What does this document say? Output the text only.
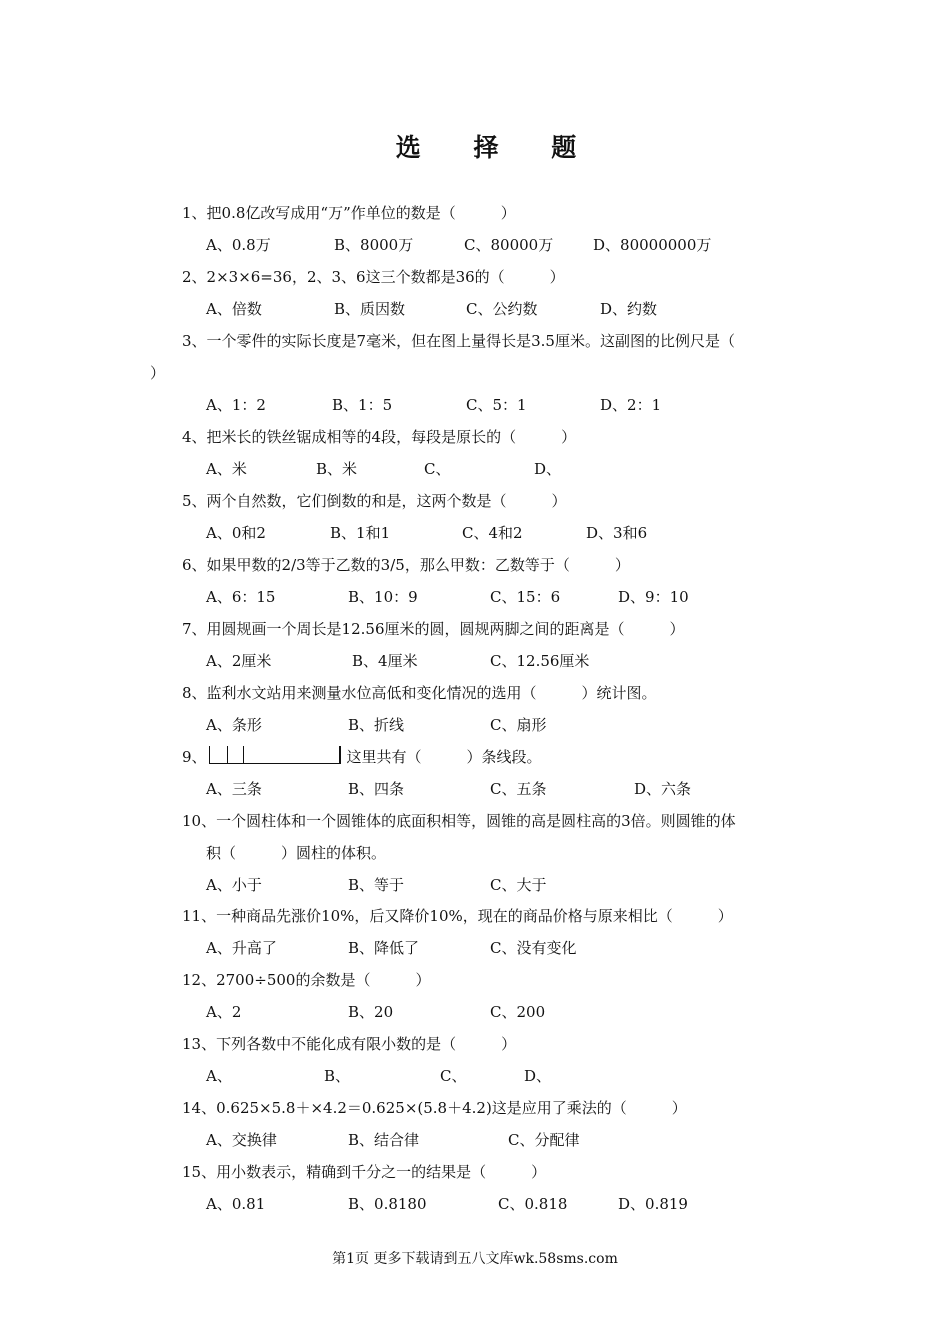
选 择 题
1、把0.8亿改写成用“万”作单位的数是（　　　）
A、0.8万	B、8000万	C、80000万	D、80000000万
2、2×3×6=36，2、3、6这三个数都是36的（　　　）
A、倍数	B、质因数	C、公约数	D、约数
3、一个零件的实际长度是7毫米，但在图上量得长是3.5厘米。这副图的比例尺是（
）
A、1：2	B、1：5	C、5：1	D、2：1
4、把米长的铁丝锯成相等的4段，每段是原长的（　　　）
A、米	B、米	C、	D、
5、两个自然数，它们倒数的和是，这两个数是（　　　）
A、0和2	B、1和1	C、4和2	D、3和6
6、如果甲数的2/3等于乙数的3/5，那么甲数：乙数等于（　　　）
A、6：15	B、10：9	C、15：6	D、9：10
7、用圆规画一个周长是12.56厘米的圆，圆规两脚之间的距离是（　　　）
A、2厘米	B、4厘米	C、12.56厘米
8、监利水文站用来测量水位高低和变化情况的选用（　　　）统计图。
A、条形	B、折线	C、扇形
9、	这里共有（　　　）条线段。
A、三条	B、四条	C、五条	D、六条
10、一个圆柱体和一个圆锥体的底面积相等，圆锥的高是圆柱高的3倍。则圆锥的体
积（　　　）圆柱的体积。
A、小于	B、等于	C、大于
11、一种商品先涨价10%，后又降价10%，现在的商品价格与原来相比（　　　）
A、升高了	B、降低了	C、没有变化
12、2700÷500的余数是（　　　）
A、2	B、20	C、200
13、下列各数中不能化成有限小数的是（　　　）
A、	B、	C、	D、
14、0.625×5.8＋×4.2＝0.625×(5.8＋4.2)这是应用了乘法的（　　　）
A、交换律	B、结合律	C、分配律
15、用小数表示，精确到千分之一的结果是（　　　）
A、0.81	B、0.8180	C、0.818	D、0.819
第1页 更多下载请到五八文库wk.58sms.com
